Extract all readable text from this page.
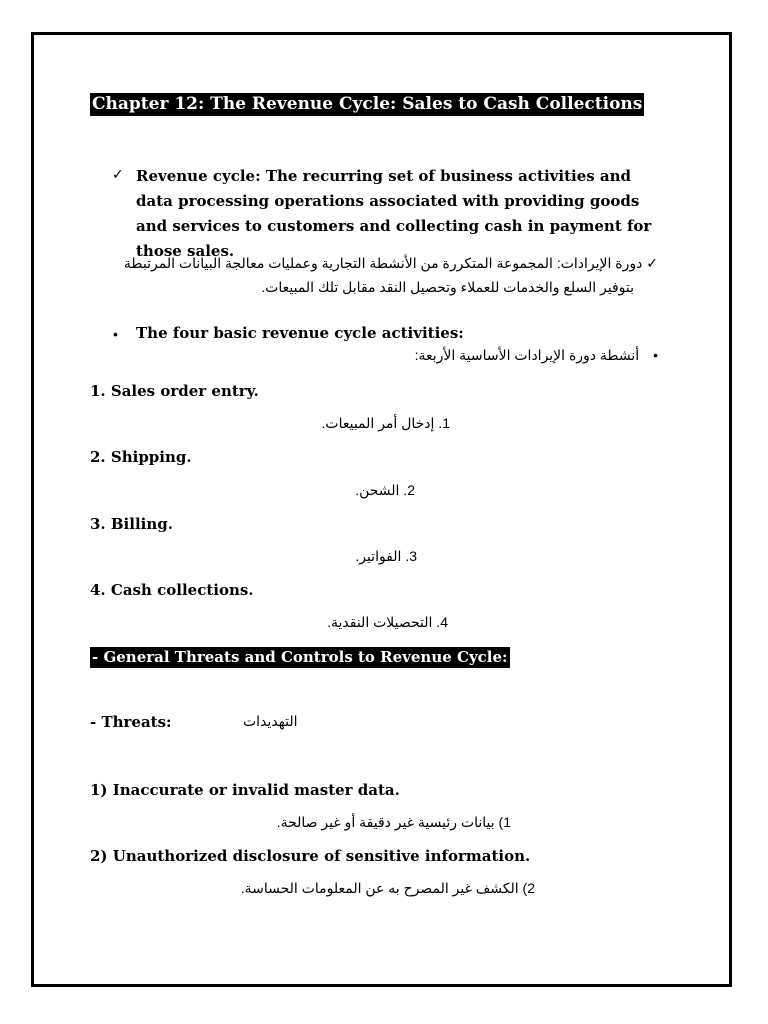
Chapter 12: The Revenue Cycle: Sales to Cash Collections
✓ Revenue cycle: The recurring set of business activities and data processing operations associated with providing goods and services to customers and collecting cash in payment for those sales.
✓ دورة الإيرادات: المجموعة المتكررة من الأنشطة التجارية وعمليات معالجة البيانات المرتبطة
بتوفير السلع والخدمات للعملاء وتحصيل النقد مقابل تلك المبيعات.
• The four basic revenue cycle activities:
• أنشطة دورة الإيرادات الأساسية الأربعة:
1. Sales order entry.
1. إدخال أمر المبيعات.
2. Shipping.
2. الشحن.
3. Billing.
3. الفواتير.
4. Cash collections.
4. التحصيلات النقدية.
- General Threats and Controls to Revenue Cycle:
- Threats:	التهديدات
1) Inaccurate or invalid master data.
1) بيانات رئيسية غير دقيقة أو غير صالحة.
2) Unauthorized disclosure of sensitive information.
2) الكشف غير المصرح به عن المعلومات الحساسة.
